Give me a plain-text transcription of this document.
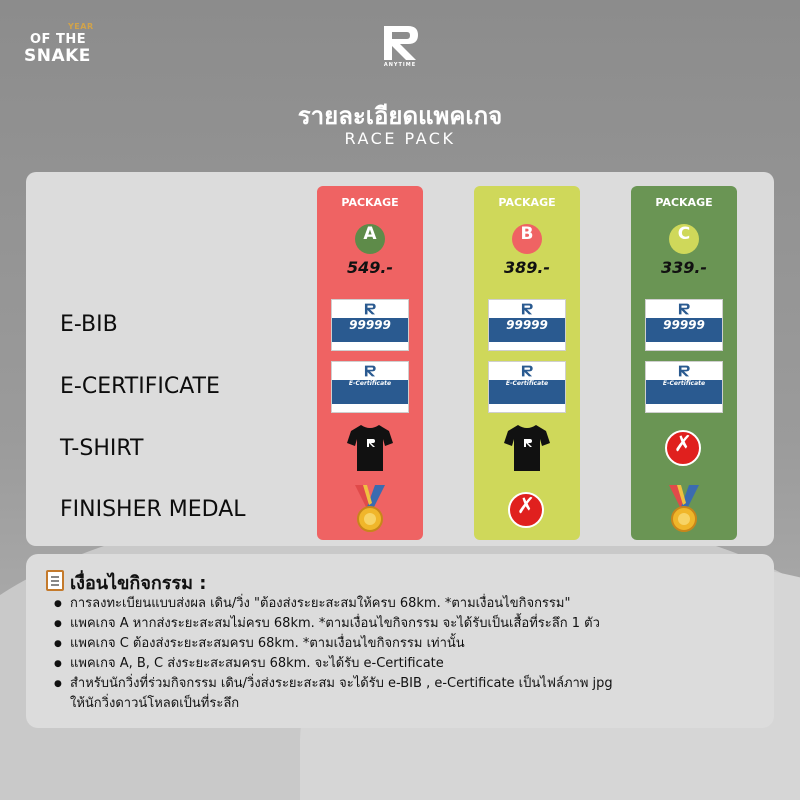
YEAR
OF THE
SNAKE	ANYTIME
รายละเอียดแพคเกจ
RACE PACK
E-BIB
E-CERTIFICATE
T-SHIRT
FINISHER MEDAL
PACKAGE
A
549.-
99999
E-Certificate
PACKAGE
B
389.-
99999
E-Certificate
✗
PACKAGE
C
339.-
99999
E-Certificate
✗
เงื่อนไขกิจกรรม :
● การลงทะเบียนแบบส่งผล เดิน/วิ่ง "ต้องส่งระยะสะสมให้ครบ 68km. *ตามเงื่อนไขกิจกรรม"
● แพคเกจ A หากส่งระยะสะสมไม่ครบ 68km. *ตามเงื่อนไขกิจกรรม จะได้รับเป็นเสื้อที่ระลึก 1 ตัว
● แพคเกจ C ต้องส่งระยะสะสมครบ 68km. *ตามเงื่อนไขกิจกรรม เท่านั้น
● แพคเกจ A, B, C ส่งระยะสะสมครบ 68km. จะได้รับ e-Certificate
● สำหรับนักวิ่งที่ร่วมกิจกรรม เดิน/วิ่งส่งระยะสะสม จะได้รับ e-BIB , e-Certificate เป็นไฟล์ภาพ jpg
ให้นักวิ่งดาวน์โหลดเป็นที่ระลึก
